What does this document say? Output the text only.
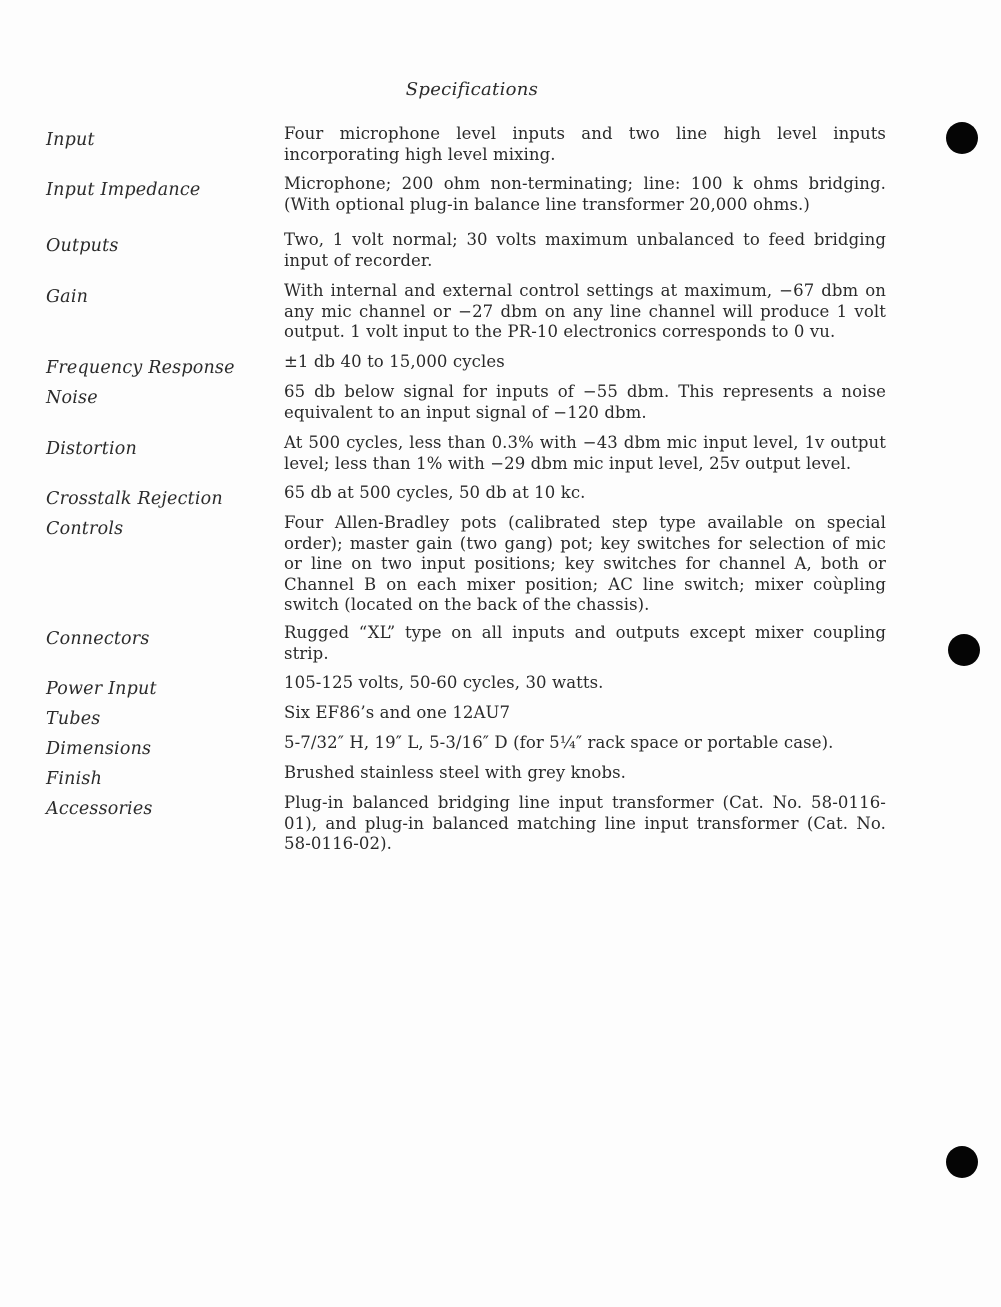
Specifications
Input	Four microphone level inputs and two line high level inputs incorporating high level mixing.
Input Impedance	Microphone; 200 ohm non-terminating; line: 100 k ohms bridging. (With optional plug-in balance line transformer 20,000 ohms.)
Outputs	Two, 1 volt normal; 30 volts maximum unbalanced to feed bridging input of recorder.
Gain	With internal and external control settings at maximum, −67 dbm on any mic channel or −27 dbm on any line channel will produce 1 volt output. 1 volt input to the PR-10 electronics corresponds to 0 vu.
Frequency Response	±1 db 40 to 15,000 cycles
Noise	65 db below signal for inputs of −55 dbm. This represents a noise equivalent to an input signal of −120 dbm.
Distortion	At 500 cycles, less than 0.3% with −43 dbm mic input level, 1v output level; less than 1% with −29 dbm mic input level, 25v output level.
Crosstalk Rejection	65 db at 500 cycles, 50 db at 10 kc.
Controls	Four Allen-Bradley pots (calibrated step type available on special order); master gain (two gang) pot; key switches for selection of mic or line on two input positions; key switches for channel A, both or Channel B on each mixer position; AC line switch; mixer coùpling switch (located on the back of the chassis).
Connectors	Rugged “XL” type on all inputs and outputs except mixer coupling strip.
Power Input	105-125 volts, 50-60 cycles, 30 watts.
Tubes	Six EF86’s and one 12AU7
Dimensions	5-7/32″ H, 19″ L, 5-3/16″ D (for 5¼″ rack space or portable case).
Finish	Brushed stainless steel with grey knobs.
Accessories	Plug-in balanced bridging line input transformer (Cat. No. 58-0116-01), and plug-in balanced matching line input transformer (Cat. No. 58-0116-02).
